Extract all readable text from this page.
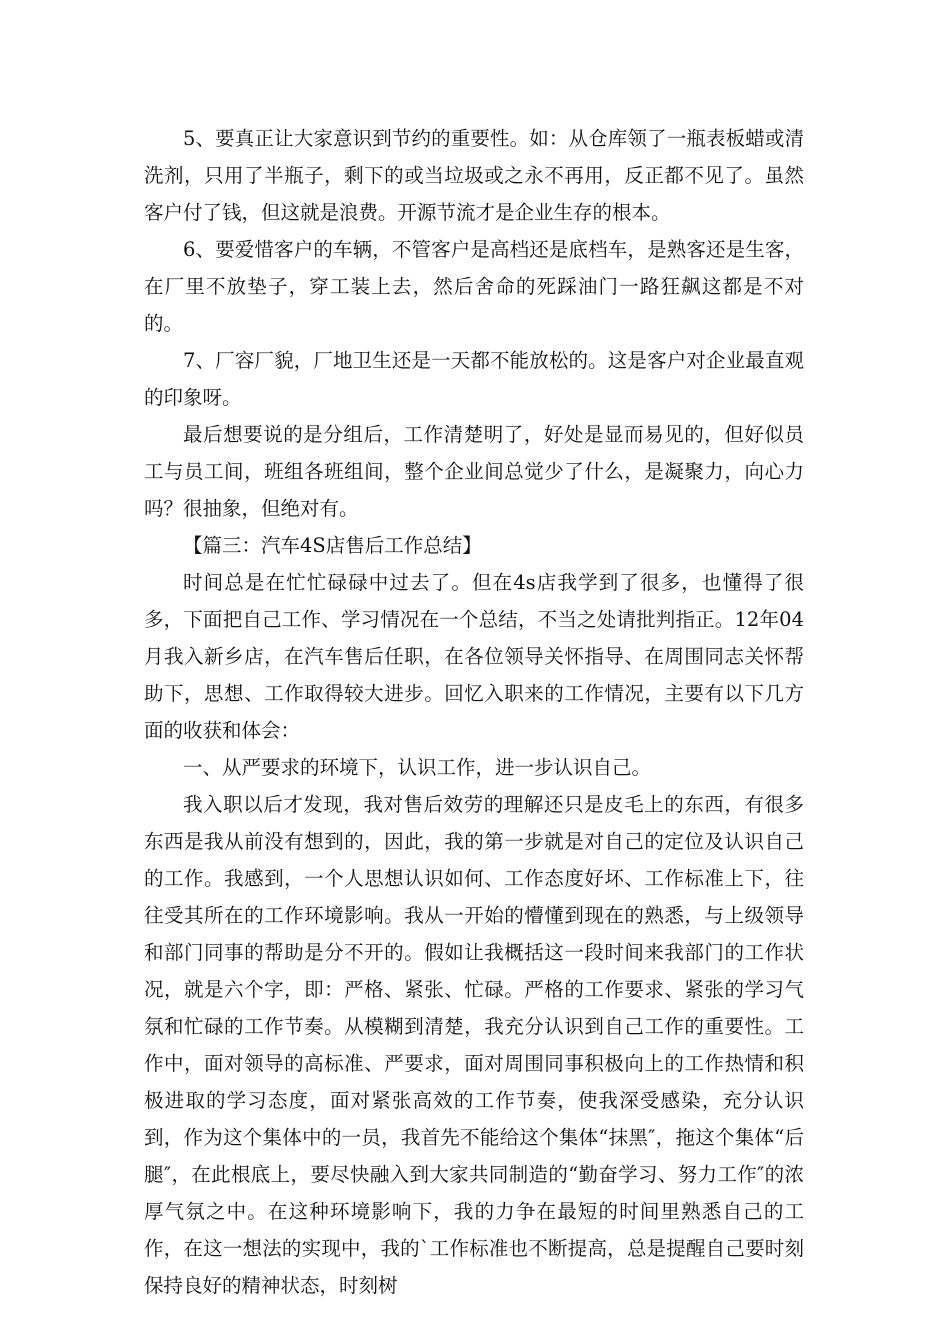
5、要真正让大家意识到节约的重要性。如：从仓库领了一瓶表板蜡或清洗剂，只用了半瓶子，剩下的或当垃圾或之永不再用，反正都不见了。虽然客户付了钱，但这就是浪费。开源节流才是企业生存的根本。

6、要爱惜客户的车辆，不管客户是高档还是底档车，是熟客还是生客，在厂里不放垫子，穿工装上去，然后舍命的死踩油门一路狂飙这都是不对的。

7、厂容厂貌，厂地卫生还是一天都不能放松的。这是客户对企业最直观的印象呀。

最后想要说的是分组后，工作清楚明了，好处是显而易见的，但好似员工与员工间，班组各班组间，整个企业间总觉少了什么，是凝聚力，向心力吗？很抽象，但绝对有。

【篇三：汽车4S店售后工作总结】

时间总是在忙忙碌碌中过去了。但在4s店我学到了很多，也懂得了很多，下面把自己工作、学习情况在一个总结，不当之处请批判指正。12年04月我入新乡店，在汽车售后任职，在各位领导关怀指导、在周围同志关怀帮助下，思想、工作取得较大进步。回忆入职来的工作情况，主要有以下几方面的收获和体会：

一、从严要求的环境下，认识工作，进一步认识自己。

我入职以后才发现，我对售后效劳的理解还只是皮毛上的东西，有很多东西是我从前没有想到的，因此，我的第一步就是对自己的定位及认识自己的工作。我感到，一个人思想认识如何、工作态度好坏、工作标准上下，往往受其所在的工作环境影响。我从一开始的懵懂到现在的熟悉，与上级领导和部门同事的帮助是分不开的。假如让我概括这一段时间来我部门的工作状况，就是六个字，即：严格、紧张、忙碌。严格的工作要求、紧张的学习气氛和忙碌的工作节奏。从模糊到清楚，我充分认识到自己工作的重要性。工作中，面对领导的高标准、严要求，面对周围同事积极向上的工作热情和积极进取的学习态度，面对紧张高效的工作节奏，使我深受感染，充分认识到，作为这个集体中的一员，我首先不能给这个集体“抹黑″，拖这个集体“后腿″，在此根底上，要尽快融入到大家共同制造的“勤奋学习、努力工作″的浓厚气氛之中。在这种环境影响下，我的力争在最短的时间里熟悉自己的工作，在这一想法的实现中，我的`工作标准也不断提高，总是提醒自己要时刻保持良好的精神状态，时刻树
